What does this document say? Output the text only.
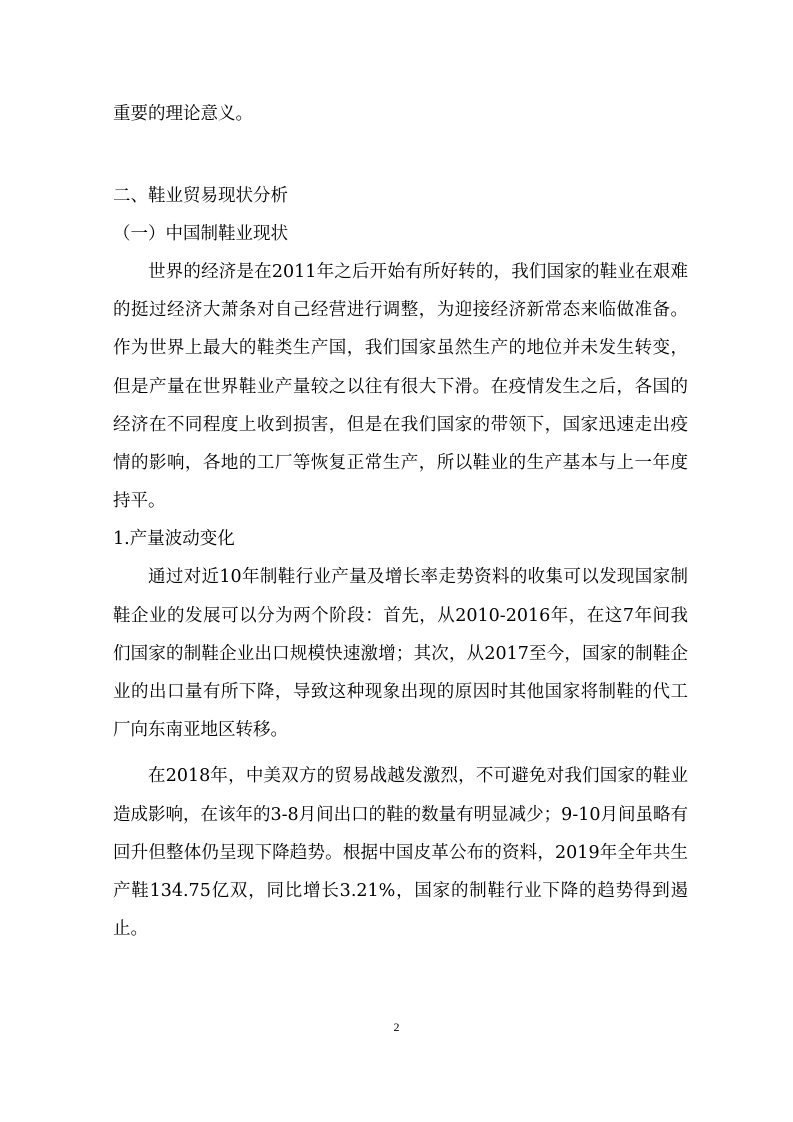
重要的理论意义。

二、鞋业贸易现状分析

（一）中国制鞋业现状

世界的经济是在2011年之后开始有所好转的，我们国家的鞋业在艰难的挺过经济大萧条对自己经营进行调整，为迎接经济新常态来临做准备。作为世界上最大的鞋类生产国，我们国家虽然生产的地位并未发生转变，但是产量在世界鞋业产量较之以往有很大下滑。在疫情发生之后，各国的经济在不同程度上收到损害，但是在我们国家的带领下，国家迅速走出疫情的影响，各地的工厂等恢复正常生产，所以鞋业的生产基本与上一年度持平。

1.产量波动变化

通过对近10年制鞋行业产量及增长率走势资料的收集可以发现国家制鞋企业的发展可以分为两个阶段：首先，从2010-2016年，在这7年间我们国家的制鞋企业出口规模快速激增；其次，从2017至今，国家的制鞋企业的出口量有所下降，导致这种现象出现的原因时其他国家将制鞋的代工厂向东南亚地区转移。

在2018年，中美双方的贸易战越发激烈，不可避免对我们国家的鞋业造成影响，在该年的3-8月间出口的鞋的数量有明显减少；9-10月间虽略有回升但整体仍呈现下降趋势。根据中国皮革公布的资料，2019年全年共生产鞋134.75亿双，同比增长3.21%，国家的制鞋行业下降的趋势得到遏止。

2
